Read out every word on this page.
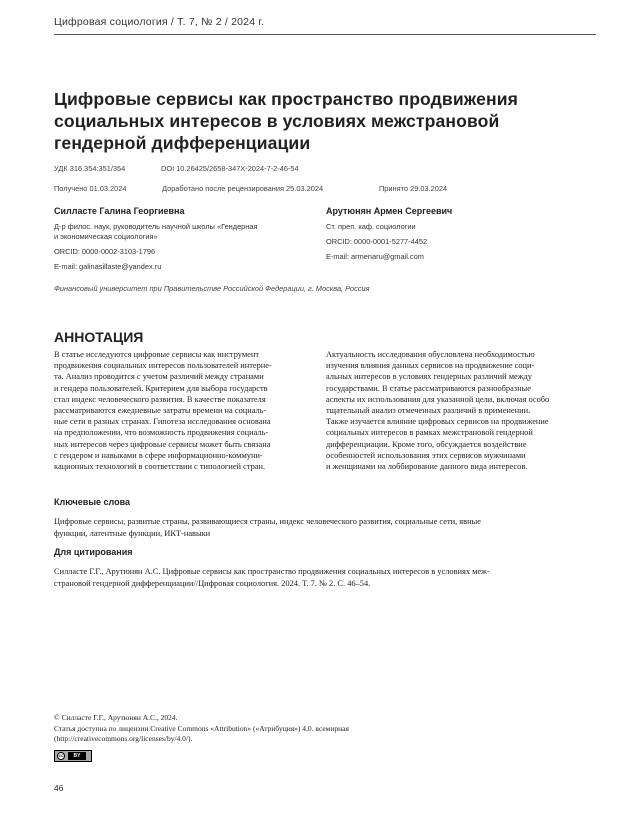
Цифровая социология / Т. 7, № 2 / 2024 г.
Цифровые сервисы как пространство продвижения
социальных интересов в условиях межстрановой
гендерной дифференциации
УДК 316.354:351/354	DOI 10.26425/2658-347X-2024-7-2-46-54
Получено 01.03.2024	Доработано после рецензирования 25.03.2024	Принято 29.03.2024
Силласте Галина Георгиевна
Д-р филос. наук, руководитель научной школы «Гендерная
и экономическая социология»
ORCID: 0000-0002-3103-1796
E-mail: galinasillaste@yandex.ru
Арутюнян Армен Сергеевич
Ст. преп. каф. социологии
ORCID: 0000-0001-5277-4452
E-mail: armenaru@gmail.com
Финансовый университет при Правительстве Российской Федерации, г. Москва, Россия
АННОТАЦИЯ
В статье исследуются цифровые сервисы как инструмент
продвижения социальных интересов пользователей интерне-
та. Анализ проводится с учетом различий между странами
и гендера пользователей. Критерием для выбора государств
стал индекс человеческого развития. В качестве показателя
рассматриваются ежедневные затраты времени на социаль-
ные сети в разных странах. Гипотеза исследования основана
на предположении, что возможность продвижения социаль-
ных интересов через цифровые сервисы может быть связана
с гендером и навыками в сфере информационно-коммуни-
кационных технологий в соответствии с типологией стран.
Актуальность исследования обусловлена необходимостью
изучения влияния данных сервисов на продвижение соци-
альных интересов в условиях гендерных различий между
государствами. В статье рассматриваются разнообразные
аспекты их использования для указанной цели, включая особо
тщательный анализ отмеченных различий в применении.
Также изучается влияние цифровых сервисов на продвижение
социальных интересов в рамках межстрановой гендерной
дифференциации. Кроме того, обсуждается воздействие
особенностей использования этих сервисов мужчинами
и женщинами на лоббирование данного вида интересов.
Ключевые слова
Цифровые сервисы, развитые страны, развивающиеся страны, индекс человеческого развития, социальные сети, явные
функции, латентные функции, ИКТ-навыки
Для цитирования
Силласте Г.Г., Арутюнян А.С. Цифровые сервисы как пространство продвижения социальных интересов в условиях меж-
страновой гендерной дифференциации//Цифровая социология. 2024. Т. 7. № 2. С. 46–54.
© Силласте Г.Г., Арутюнян А.С., 2024.
Статья доступна по лицензии Creative Commons «Attribution» («Атрибуция») 4.0. всемирная
(http://creativecommons.org/licenses/by/4.0/).
cc	BY
46
